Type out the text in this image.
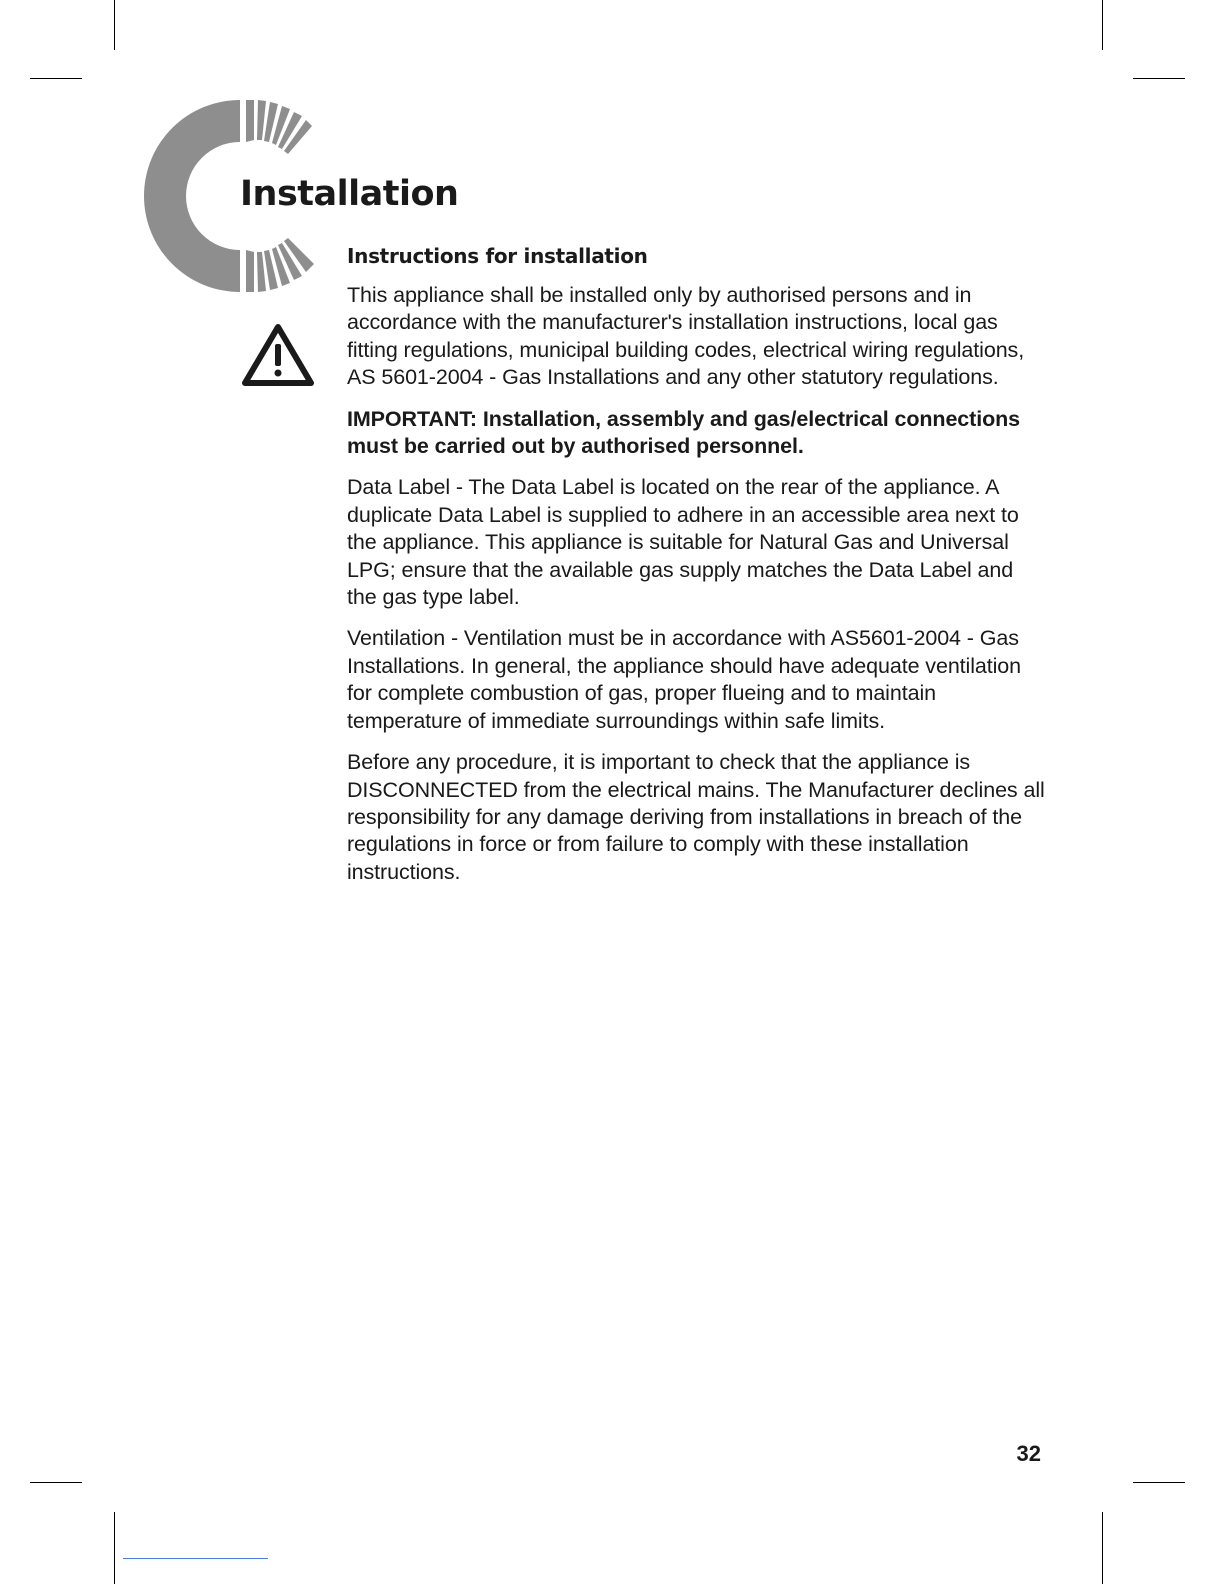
Installation
Instructions for installation

This appliance shall be installed only by authorised persons and in accordance with the manufacturer's installation instructions, local gas fitting regulations, municipal building codes, electrical wiring regulations, AS 5601-2004 - Gas Installations and any other statutory regulations.

IMPORTANT: Installation, assembly and gas/electrical connections must be carried out by authorised personnel.

Data Label - The Data Label is located on the rear of the appliance. A duplicate Data Label is supplied to adhere in an accessible area next to the appliance. This appliance is suitable for Natural Gas and Universal LPG; ensure that the available gas supply matches the Data Label and the gas type label.

Ventilation - Ventilation must be in accordance with AS5601-2004 - Gas Installations. In general, the appliance should have adequate ventilation for complete combustion of gas, proper flueing and to maintain temperature of immediate surroundings within safe limits.

Before any procedure, it is important to check that the appliance is DISCONNECTED from the electrical mains. The Manufacturer declines all responsibility for any damage deriving from installations in breach of the regulations in force or from failure to comply with these installation instructions.

32
